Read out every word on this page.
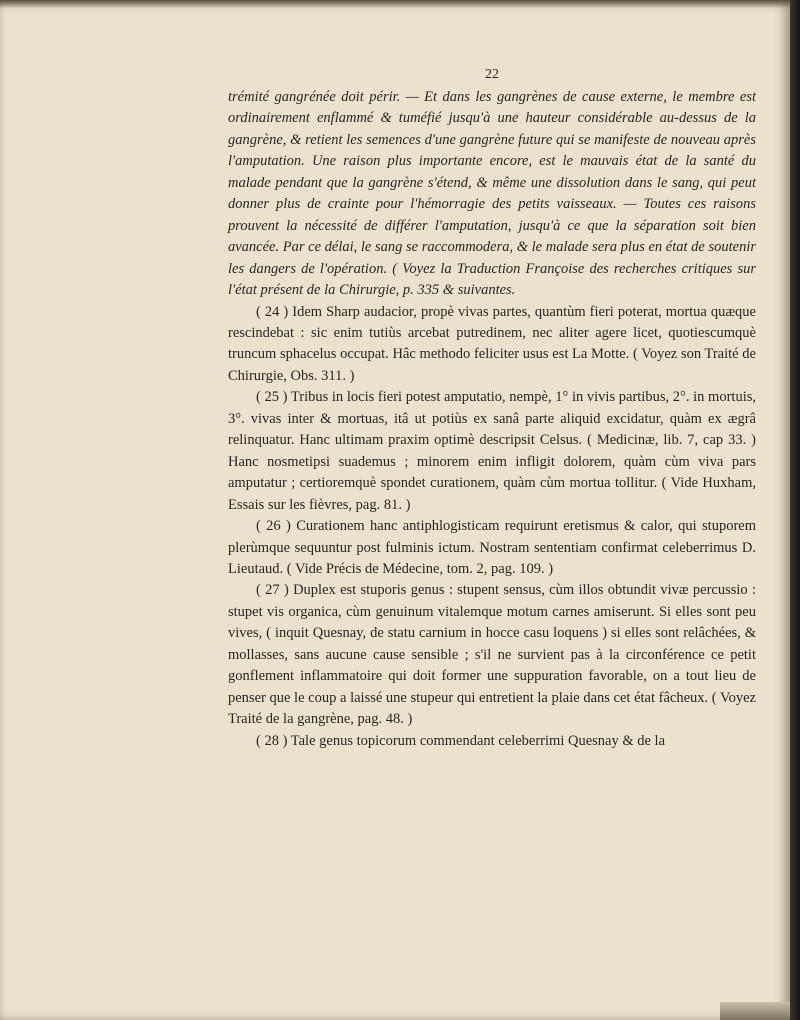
22

trémité gangrénée doit périr. — Et dans les gangrènes de cause externe, le membre est ordinairement enflammé & tuméfié jusqu'à une hauteur considérable au-dessus de la gangrène, & retient les semences d'une gangrène future qui se manifeste de nouveau après l'amputation. Une raison plus importante encore, est le mauvais état de la santé du malade pendant que la gangrène s'étend, & même une dissolution dans le sang, qui peut donner plus de crainte pour l'hémorragie des petits vaisseaux. — Toutes ces raisons prouvent la nécessité de différer l'amputation, jusqu'à ce que la séparation soit bien avancée. Par ce délai, le sang se raccommodera, & le malade sera plus en état de soutenir les dangers de l'opération. ( Voyez la Traduction Françoise des recherches critiques sur l'état présent de la Chirurgie, p. 335 & suivantes.

( 24 ) Idem Sharp audacior, propè vivas partes, quantùm fieri poterat, mortua quæque rescindebat : sic enim tutiùs arcebat putredinem, nec aliter agere licet, quotiescumquè truncum sphacelus occupat. Hâc methodo feliciter usus est La Motte. ( Voyez son Traité de Chirurgie, Obs. 311. )

( 25 ) Tribus in locis fieri potest amputatio, nempè, 1° in vivis partibus, 2°. in mortuis, 3°. vivas inter & mortuas, itâ ut potiùs ex sanâ parte aliquid excidatur, quàm ex ægrâ relinquatur. Hanc ultimam praxim optimè descripsit Celsus. ( Medicinæ, lib. 7, cap 33. ) Hanc nosmetipsi suademus ; minorem enim infligit dolorem, quàm cùm viva pars amputatur ; certioremquè spondet curationem, quàm cùm mortua tollitur. ( Vide Huxham, Essais sur les fièvres, pag. 81. )

( 26 ) Curationem hanc antiphlogisticam requirunt eretismus & calor, qui stuporem plerùmque sequuntur post fulminis ictum. Nostram sententiam confirmat celeberrimus D. Lieutaud. ( Vide Précis de Médecine, tom. 2, pag. 109. )

( 27 ) Duplex est stuporis genus : stupent sensus, cùm illos obtundit vivæ percussio : stupet vis organica, cùm genuinum vitalemque motum carnes amiserunt. Si elles sont peu vives, ( inquit Quesnay, de statu carnium in hocce casu loquens ) si elles sont relâchées, & mollasses, sans aucune cause sensible ; s'il ne survient pas à la circonférence ce petit gonflement inflammatoire qui doit former une suppuration favorable, on a tout lieu de penser que le coup a laissé une stupeur qui entretient la plaie dans cet état fâcheux. ( Voyez Traité de la gangrène, pag. 48. )

( 28 ) Tale genus topicorum commendant celeberrimi Quesnay & de la
